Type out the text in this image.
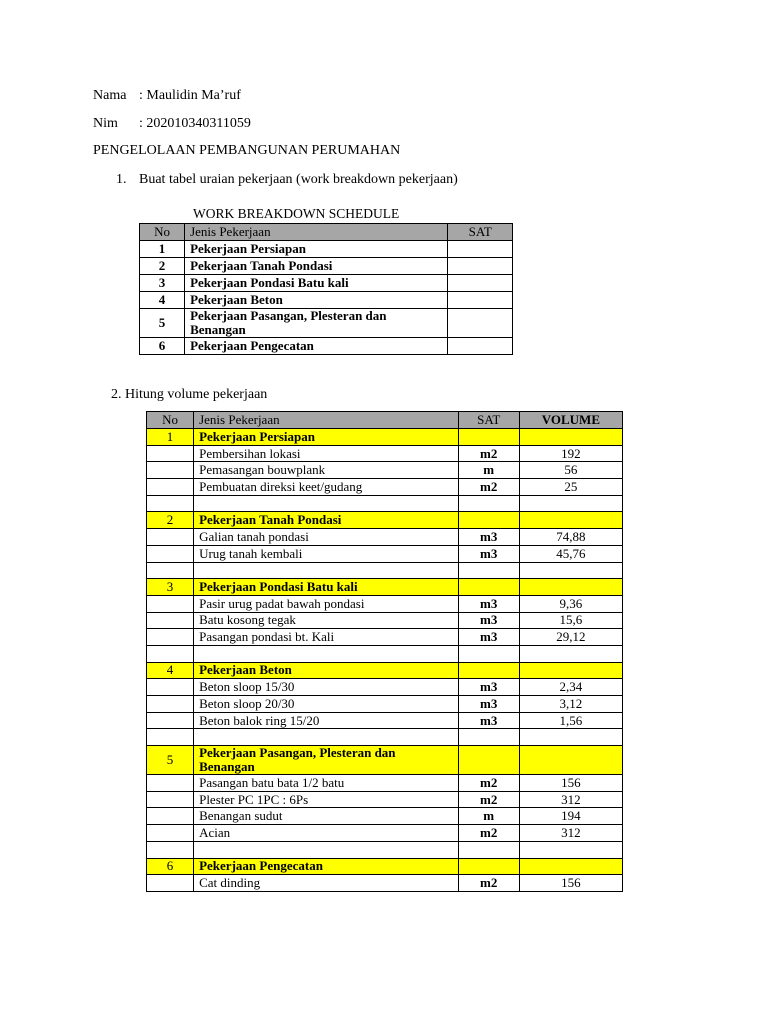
Nama : Maulidin Ma’ruf
Nim : 202010340311059
PENGELOLAAN PEMBANGUNAN PERUMAHAN
1. Buat tabel uraian pekerjaan (work breakdown pekerjaan)
WORK BREAKDOWN SCHEDULE
No	Jenis Pekerjaan	SAT
1	Pekerjaan Persiapan	
2	Pekerjaan Tanah Pondasi	
3	Pekerjaan Pondasi Batu kali	
4	Pekerjaan Beton	
5	Pekerjaan Pasangan, Plesteran dan Benangan	
6	Pekerjaan Pengecatan	
2. Hitung volume pekerjaan
No	Jenis Pekerjaan	SAT	VOLUME
1	Pekerjaan Persiapan		
	Pembersihan lokasi	m2	192
	Pemasangan bouwplank	m	56
	Pembuatan direksi keet/gudang	m2	25

2	Pekerjaan Tanah Pondasi		
	Galian tanah pondasi	m3	74,88
	Urug tanah kembali	m3	45,76

3	Pekerjaan Pondasi Batu kali		
	Pasir urug padat bawah pondasi	m3	9,36
	Batu kosong tegak	m3	15,6
	Pasangan pondasi bt. Kali	m3	29,12

4	Pekerjaan Beton		
	Beton sloop 15/30	m3	2,34
	Beton sloop 20/30	m3	3,12
	Beton balok ring 15/20	m3	1,56

5	Pekerjaan Pasangan, Plesteran dan Benangan		
	Pasangan batu bata 1/2 batu	m2	156
	Plester PC 1PC : 6Ps	m2	312
	Benangan sudut	m	194
	Acian	m2	312

6	Pekerjaan Pengecatan		
	Cat dinding	m2	156
